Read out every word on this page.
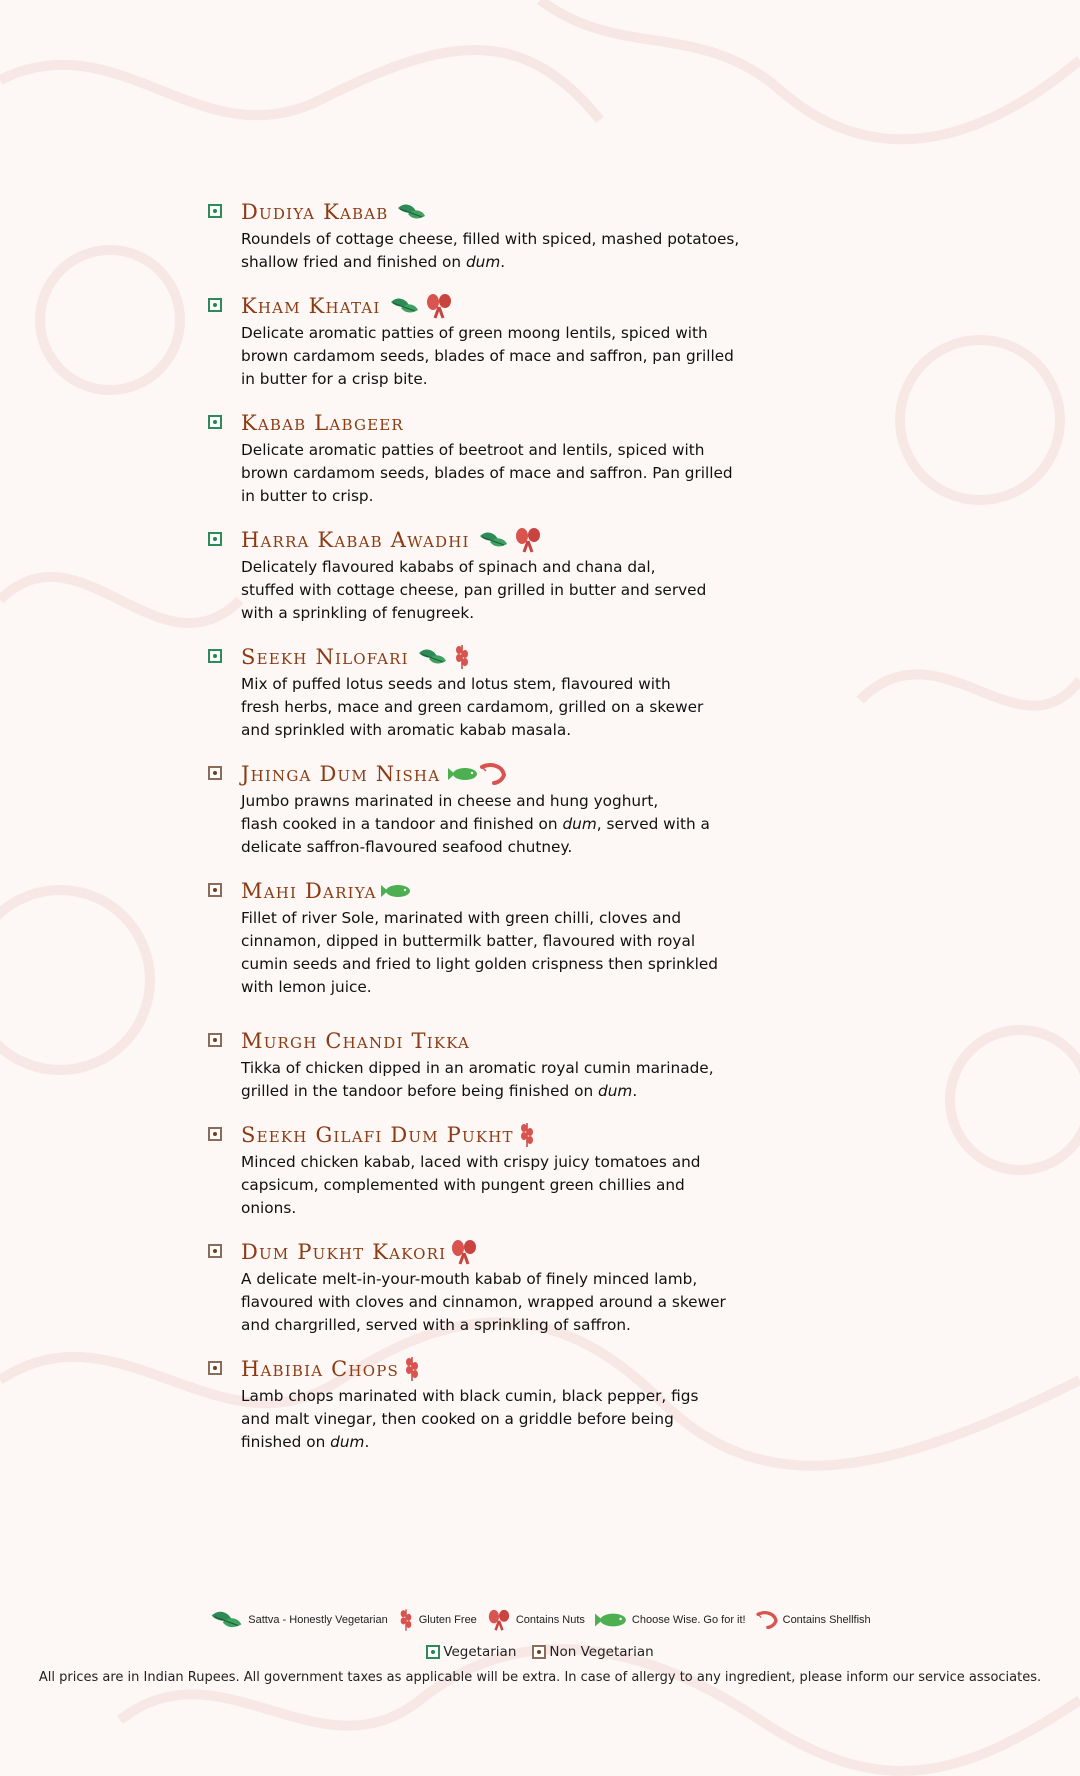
Dudiya Kabab
Roundels of cottage cheese, filled with spiced, mashed potatoes,
shallow fried and finished on dum.
Kham Khatai
Delicate aromatic patties of green moong lentils, spiced with
brown cardamom seeds, blades of mace and saffron, pan grilled
in butter for a crisp bite.
Kabab Labgeer
Delicate aromatic patties of beetroot and lentils, spiced with
brown cardamom seeds, blades of mace and saffron. Pan grilled
in butter to crisp.
Harra Kabab Awadhi
Delicately flavoured kababs of spinach and chana dal,
stuffed with cottage cheese, pan grilled in butter and served
with a sprinkling of fenugreek.
Seekh Nilofari
Mix of puffed lotus seeds and lotus stem, flavoured with
fresh herbs, mace and green cardamom, grilled on a skewer
and sprinkled with aromatic kabab masala.
Jhinga Dum Nisha
Jumbo prawns marinated in cheese and hung yoghurt,
flash cooked in a tandoor and finished on dum, served with a
delicate saffron-flavoured seafood chutney.
Mahi Dariya
Fillet of river Sole, marinated with green chilli, cloves and
cinnamon, dipped in buttermilk batter, flavoured with royal
cumin seeds and fried to light golden crispness then sprinkled
with lemon juice.
Murgh Chandi Tikka
Tikka of chicken dipped in an aromatic royal cumin marinade,
grilled in the tandoor before being finished on dum.
Seekh Gilafi Dum Pukht
Minced chicken kabab, laced with crispy juicy tomatoes and
capsicum, complemented with pungent green chillies and
onions.
Dum Pukht Kakori
A delicate melt-in-your-mouth kabab of finely minced lamb,
flavoured with cloves and cinnamon, wrapped around a skewer
and chargrilled, served with a sprinkling of saffron.
Habibia Chops
Lamb chops marinated with black cumin, black pepper, figs
and malt vinegar, then cooked on a griddle before being
finished on dum.
Sattva - Honestly Vegetarian	Gluten Free	Contains Nuts	Choose Wise. Go for it!	Contains Shellfish
Vegetarian Non Vegetarian
All prices are in Indian Rupees. All government taxes as applicable will be extra. In case of allergy to any ingredient, please inform our service associates.
